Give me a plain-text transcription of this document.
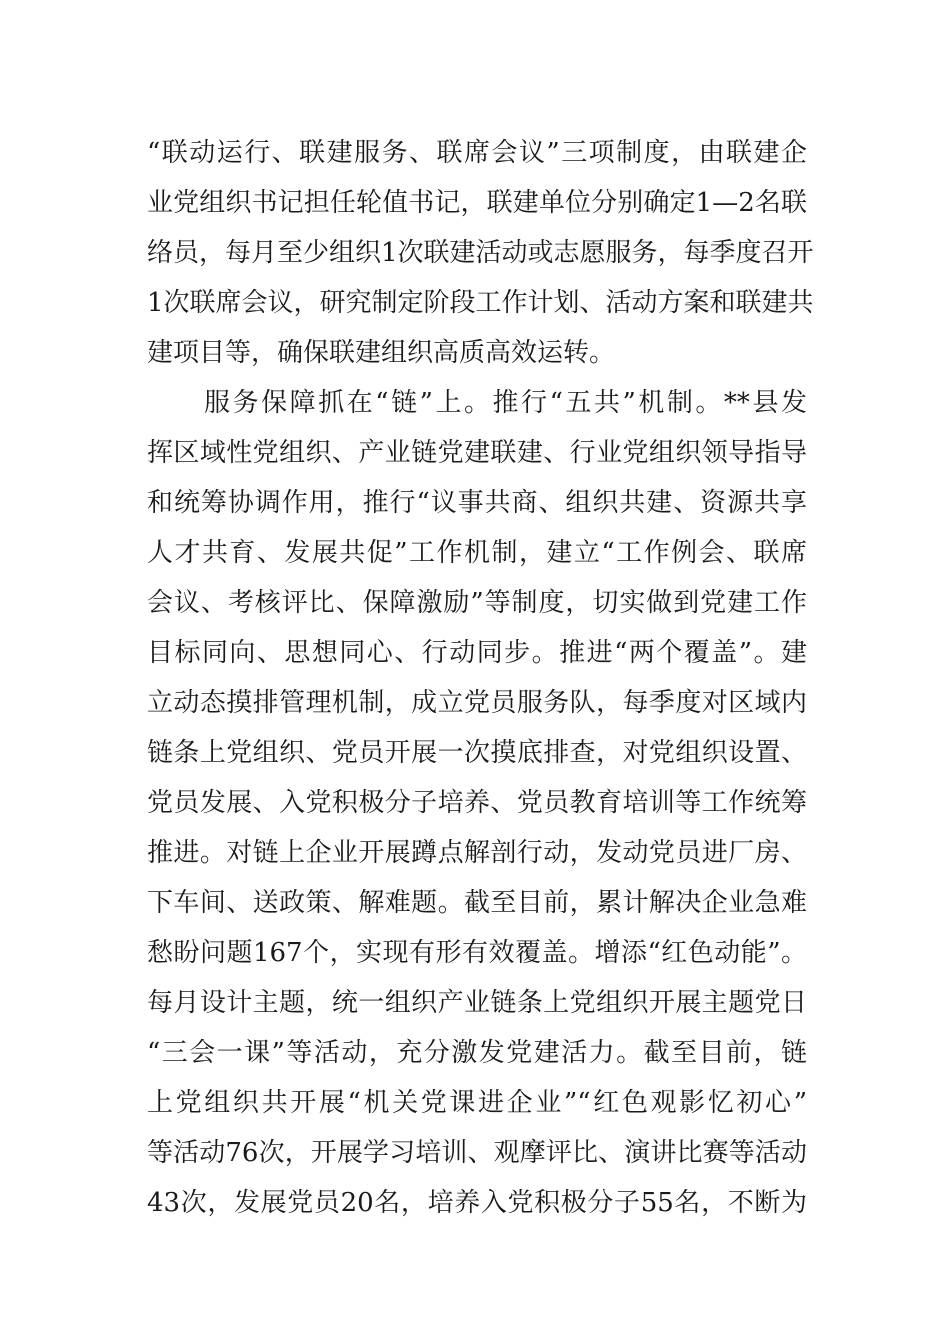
“联动运行、联建服务、联席会议”三项制度，由联建企
业党组织书记担任轮值书记，联建单位分别确定1—2名联
络员，每月至少组织1次联建活动或志愿服务，每季度召开
1次联席会议，研究制定阶段工作计划、活动方案和联建共
建项目等，确保联建组织高质高效运转。
　　服务保障抓在“链”上。推行“五共”机制。**县发
挥区域性党组织、产业链党建联建、行业党组织领导指导
和统筹协调作用，推行“议事共商、组织共建、资源共享
人才共育、发展共促”工作机制，建立“工作例会、联席
会议、考核评比、保障激励”等制度，切实做到党建工作
目标同向、思想同心、行动同步。推进“两个覆盖”。建
立动态摸排管理机制，成立党员服务队，每季度对区域内
链条上党组织、党员开展一次摸底排查，对党组织设置、
党员发展、入党积极分子培养、党员教育培训等工作统筹
推进。对链上企业开展蹲点解剖行动，发动党员进厂房、
下车间、送政策、解难题。截至目前，累计解决企业急难
愁盼问题167个，实现有形有效覆盖。增添“红色动能”。
每月设计主题，统一组织产业链条上党组织开展主题党日
“三会一课”等活动，充分激发党建活力。截至目前，链
上党组织共开展“机关党课进企业”“红色观影忆初心”
等活动76次，开展学习培训、观摩评比、演讲比赛等活动
43次，发展党员20名，培养入党积极分子55名，不断为
